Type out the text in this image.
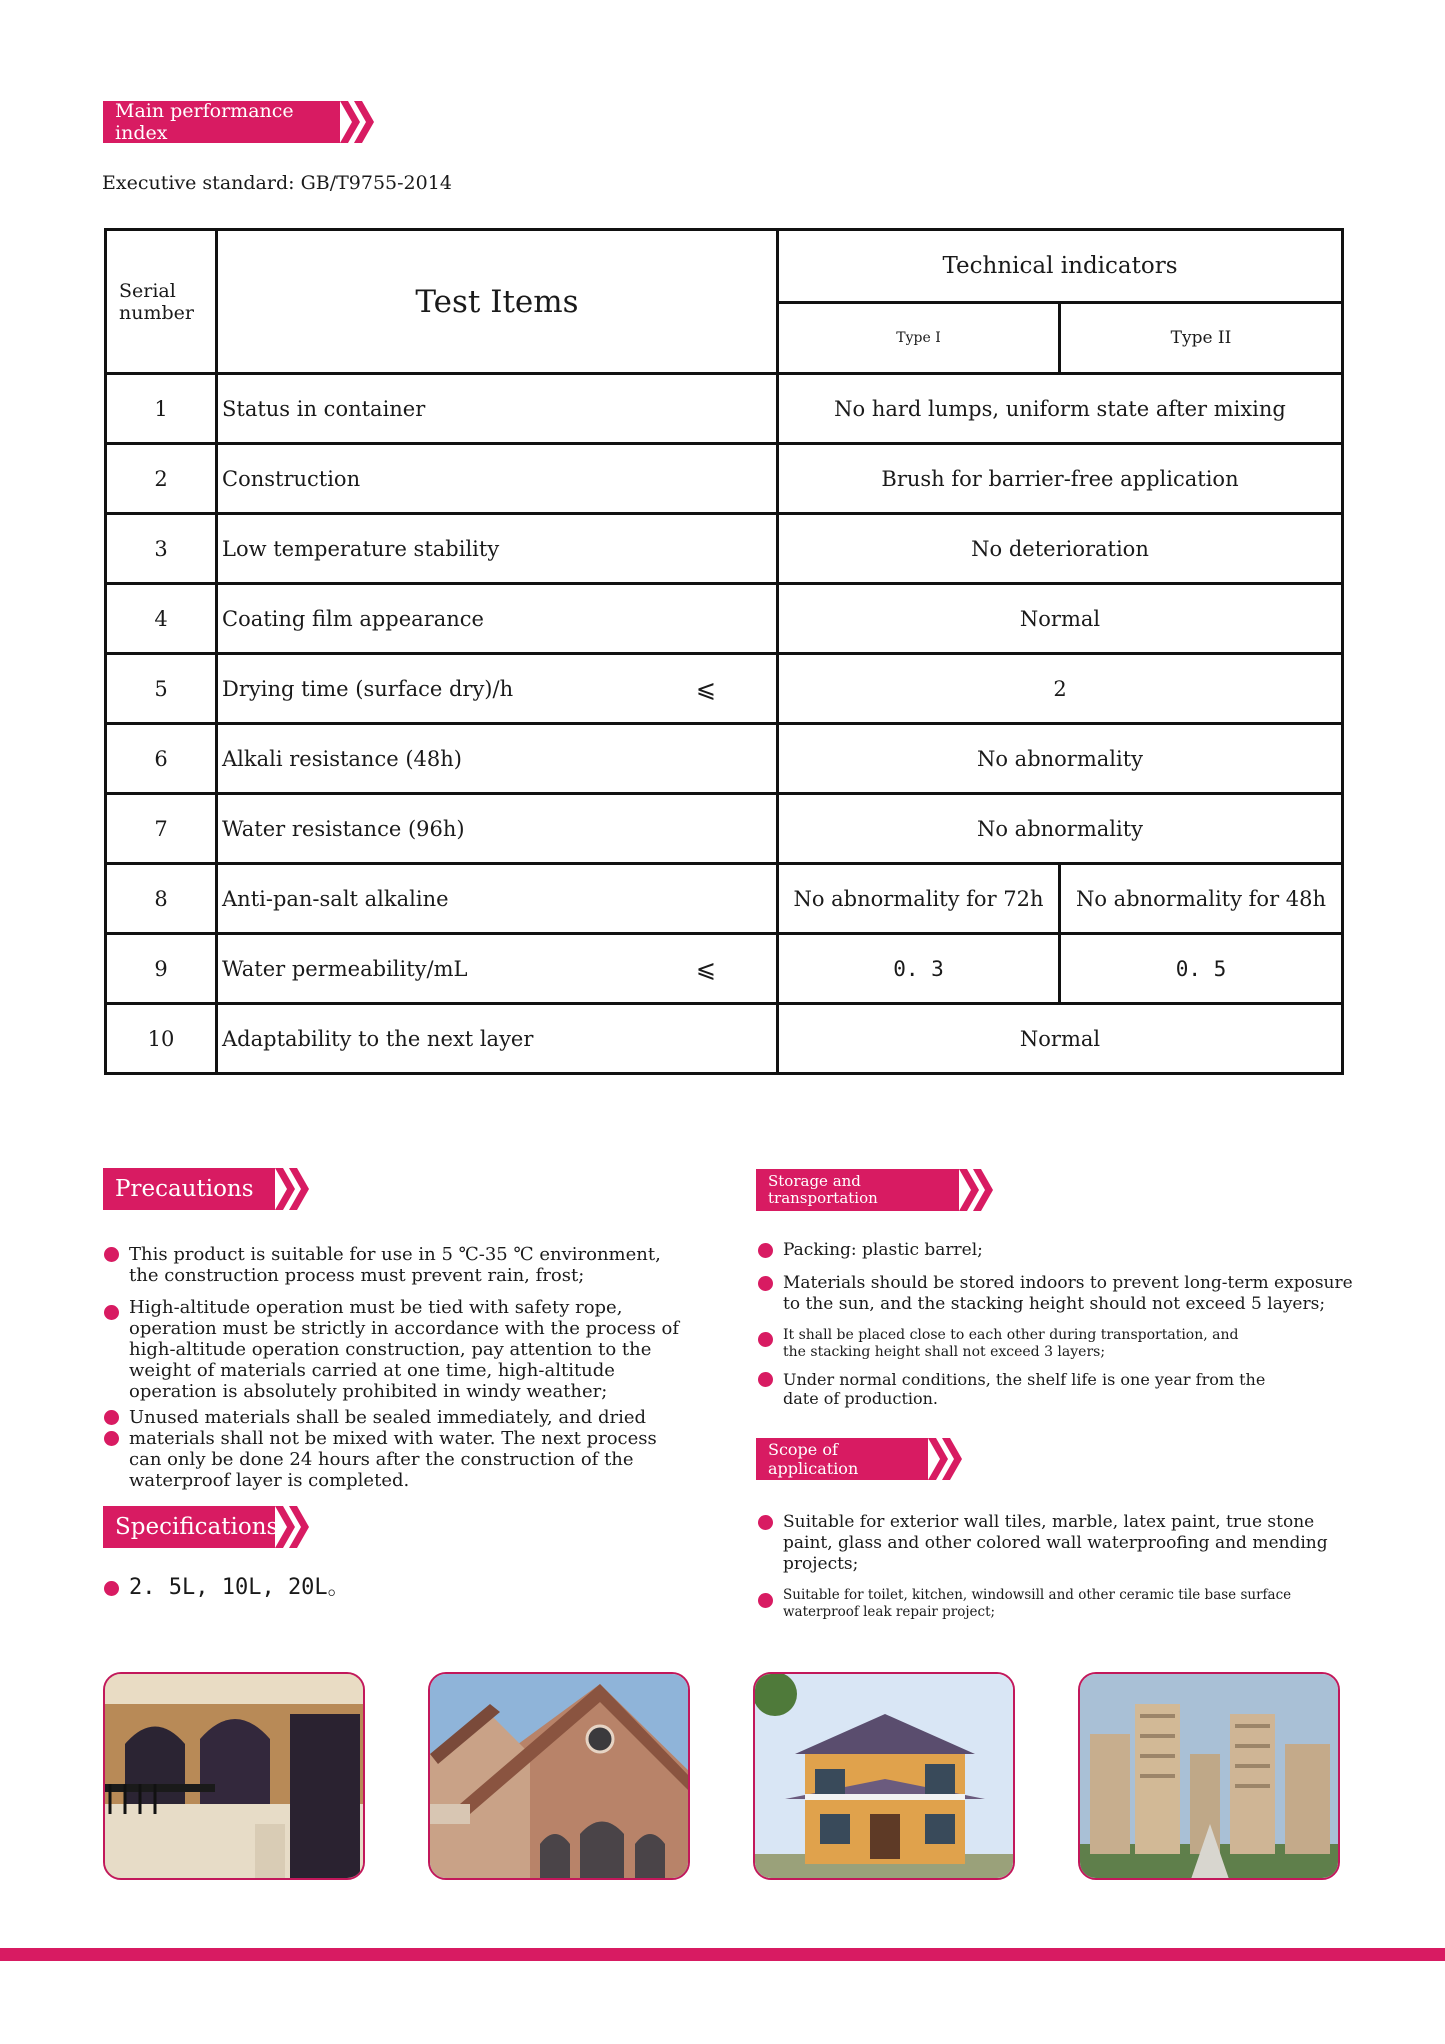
Main performance index
Executive standard: GB/T9755-2014
Serial
number	Test Items	Technical indicators	
		Type I	Type II
1	Status in container	No hard lumps, uniform state after mixing	
2	Construction	Brush for barrier-free application	
3	Low temperature stability	No deterioration	
4	Coating film appearance	Normal	
5	Drying time (surface dry)/h ⩽	2	
6	Alkali resistance (48h)	No abnormality	
7	Water resistance (96h)	No abnormality	
8	Anti-pan-salt alkaline	No abnormality for 72h	No abnormality for 48h
9	Water permeability/mL ⩽	0. 3	0. 5
10	Adaptability to the next layer	Normal	
Precautions
This product is suitable for use in 5 ℃-35 ℃ environment, the construction process must prevent rain, frost;
High-altitude operation must be tied with safety rope, operation must be strictly in accordance with the process of high-altitude operation construction, pay attention to the weight of materials carried at one time, high-altitude operation is absolutely prohibited in windy weather;
Unused materials shall be sealed immediately, and dried materials shall not be mixed with water. The next process can only be done 24 hours after the construction of the waterproof layer is completed.
Specifications
2. 5L, 10L, 20L。
Storage and
transportation
Packing: plastic barrel;
Materials should be stored indoors to prevent long-term exposure to the sun, and the stacking height should not exceed 5 layers;
It shall be placed close to each other during transportation, and the stacking height shall not exceed 3 layers;
Under normal conditions, the shelf life is one year from the date of production.
Scope of application
Suitable for exterior wall tiles, marble, latex paint, true stone paint, glass and other colored wall waterproofing and mending projects;
Suitable for toilet, kitchen, windowsill and other ceramic tile base surface waterproof leak repair project;
